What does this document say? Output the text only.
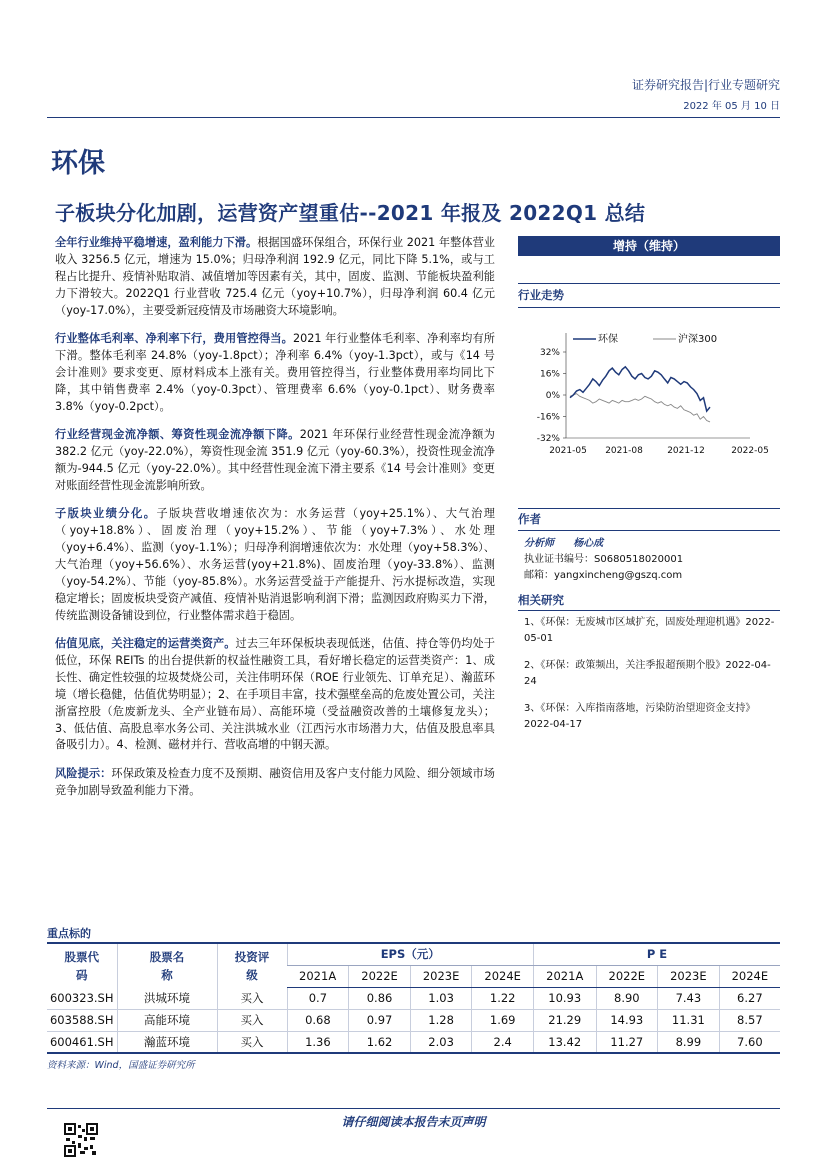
证券研究报告|行业专题研究
2022 年 05 月 10 日
环保
子板块分化加剧，运营资产望重估--2021 年报及 2022Q1 总结

全年行业维持平稳增速，盈利能力下滑。根据国盛环保组合，环保行业 2021 年整体营业收入 3256.5 亿元，增速为 15.0%；归母净利润 192.9 亿元，同比下降 5.1%，或与工程占比提升、疫情补贴取消、减值增加等因素有关，其中，固废、监测、节能板块盈利能力下滑较大。2022Q1 行业营收 725.4 亿元（yoy+10.7%），归母净利润 60.4 亿元（yoy-17.0%），主要受新冠疫情及市场融资大环境影响。

行业整体毛利率、净利率下行，费用管控得当。2021 年行业整体毛利率、净利率均有所下滑。整体毛利率 24.8%（yoy-1.8pct）；净利率 6.4%（yoy-1.3pct），或与《14 号会计准则》要求变更、原材料成本上涨有关。费用管控得当，行业整体费用率均同比下降，其中销售费率 2.4%（yoy-0.3pct）、管理费率 6.6%（yoy-0.1pct）、财务费率 3.8%（yoy-0.2pct）。

行业经营现金流净额、筹资性现金流净额下降。2021 年环保行业经营性现金流净额为 382.2 亿元（yoy-22.0%），筹资性现金流 351.9 亿元（yoy-60.3%），投资性现金流净额为-944.5 亿元（yoy-22.0%）。其中经营性现金流下滑主要系《14 号会计准则》变更对账面经营性现金流影响所致。

子版块业绩分化。子版块营收增速依次为：水务运营（yoy+25.1%）、大气治理（yoy+18.8%）、固废治理（yoy+15.2%）、节能（yoy+7.3%）、水处理（yoy+6.4%）、监测（yoy-1.1%）；归母净利润增速依次为：水处理（yoy+58.3%）、大气治理（yoy+56.6%）、水务运营(yoy+21.8%)、固废治理（yoy-33.8%）、监测（yoy-54.2%）、节能（yoy-85.8%）。水务运营受益于产能提升、污水提标改造，实现稳定增长；固废板块受资产减值、疫情补贴消退影响利润下滑；监测因政府购买力下滑，传统监测设备铺设到位，行业整体需求趋于稳固。

估值见底，关注稳定的运营类资产。过去三年环保板块表现低迷，估值、持仓等仍均处于低位，环保 REITs 的出台提供新的权益性融资工具，看好增长稳定的运营类资产：1、成长性、确定性较强的垃圾焚烧公司，关注伟明环保（ROE 行业领先、订单充足）、瀚蓝环境（增长稳健，估值优势明显）；2、在手项目丰富，技术强壁垒高的危废处置公司，关注浙富控股（危废新龙头、全产业链布局）、高能环境（受益融资改善的土壤修复龙头）；3、低估值、高股息率水务公司、关注洪城水业（江西污水市场潜力大，估值及股息率具备吸引力）。4、检测、磁材并行、营收高增的中钢天源。

风险提示：环保政策及检查力度不及预期、融资信用及客户支付能力风险、细分领域市场竞争加剧导致盈利能力下滑。

增持（维持）
行业走势
环保	沪深300
32%
16%
0%
-16%
-32%
2021-05 2021-08	2021-12	2022-05
作者
分析师 杨心成
执业证书编号：S0680518020001
邮箱：yangxincheng@gszq.com
相关研究
1、《环保：无废城市区域扩充，固废处理迎机遇》2022-05-01
2、《环保：政策频出，关注季报超预期个股》2022-04-24
3、《环保：入库指南落地，污染防治望迎资金支持》2022-04-17
重点标的
股票代码	股票名称	投资评级	EPS（元）				P E			
			2021A	2022E	2023E	2024E	2021A	2022E	2023E	2024E
600323.SH	洪城环境	买入	0.7	0.86	1.03	1.22	10.93	8.90	7.43	6.27
603588.SH	高能环境	买入	0.68	0.97	1.28	1.69	21.29	14.93	11.31	8.57
600461.SH	瀚蓝环境	买入	1.36	1.62	2.03	2.4	13.42	11.27	8.99	7.60
资料来源：Wind，国盛证券研究所
请仔细阅读本报告末页声明
